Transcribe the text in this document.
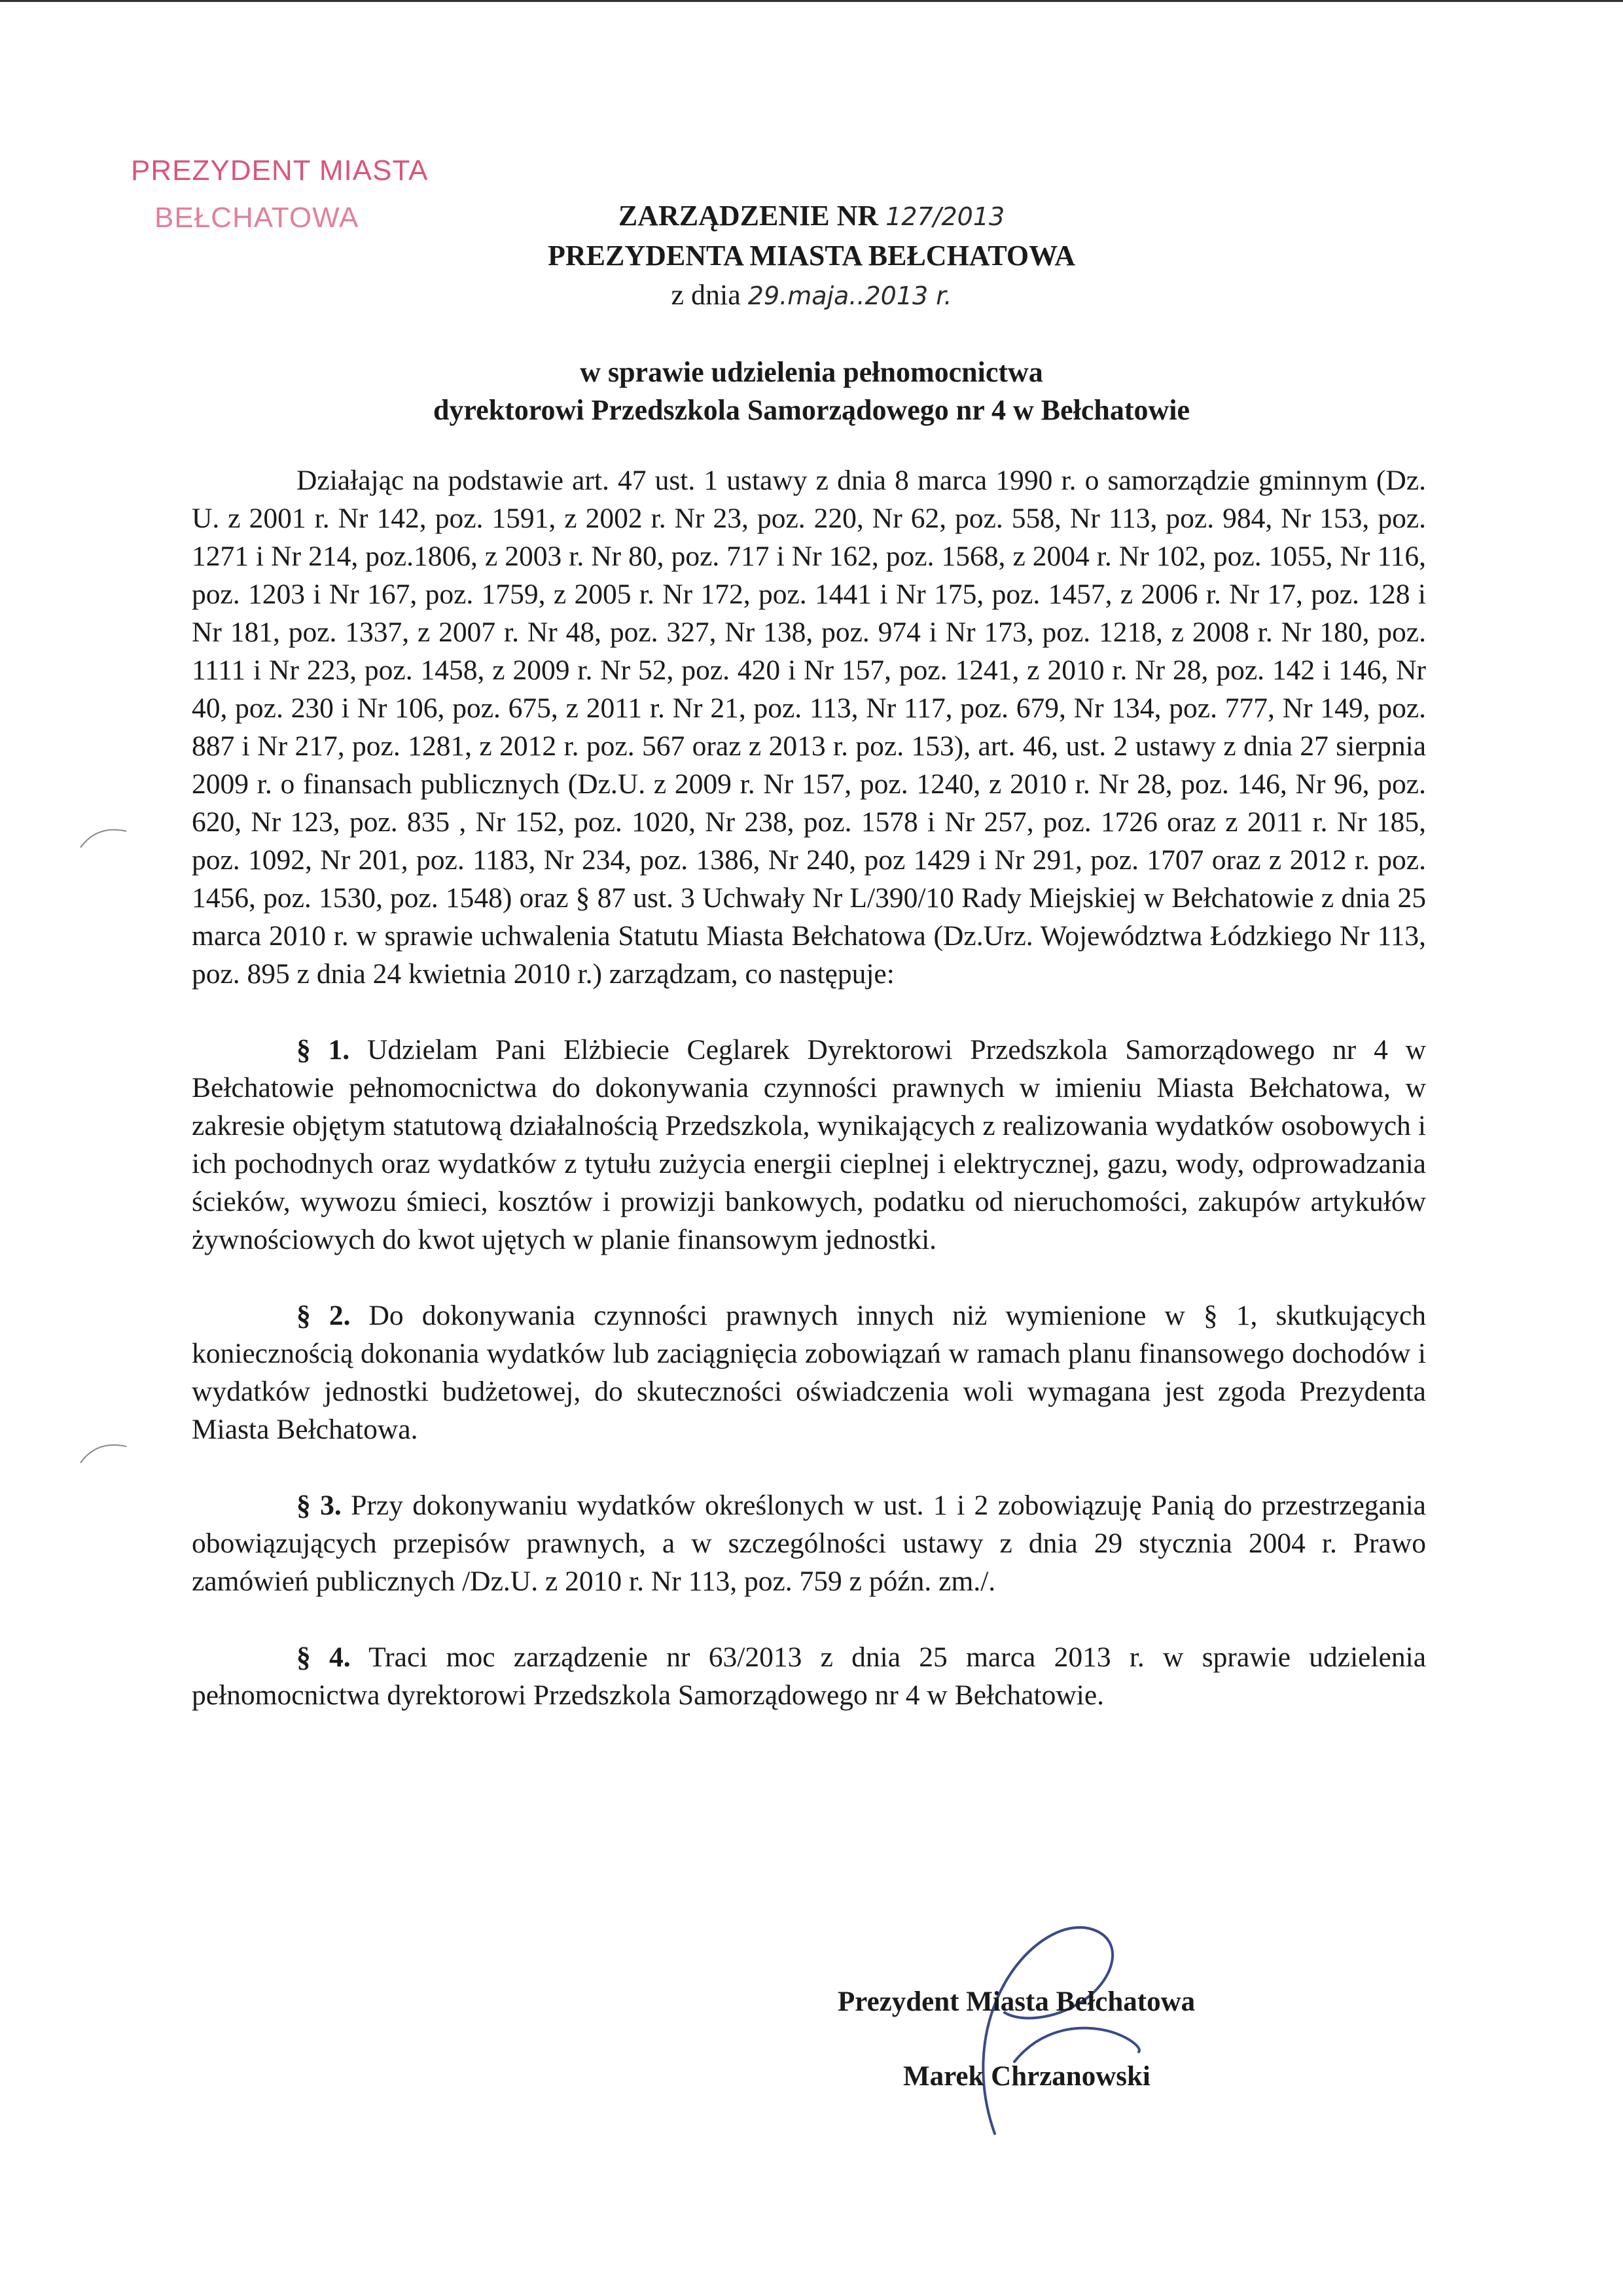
PREZYDENT MIASTA
BEŁCHATOWA	ZARZĄDZENIE NR 127/2013
PREZYDENTA MIASTA BEŁCHATOWA
z dnia 29.maja..2013 r.
w sprawie udzielenia pełnomocnictwa
dyrektorowi Przedszkola Samorządowego nr 4 w Bełchatowie

Działając na podstawie art. 47 ust. 1 ustawy z dnia 8 marca 1990 r. o samorządzie gminnym (Dz. U. z 2001 r. Nr 142, poz. 1591, z 2002 r. Nr 23, poz. 220, Nr 62, poz. 558, Nr 113, poz. 984, Nr 153, poz. 1271 i Nr 214, poz.1806, z 2003 r. Nr 80, poz. 717 i Nr 162, poz. 1568, z 2004 r. Nr 102, poz. 1055, Nr 116, poz. 1203 i Nr 167, poz. 1759, z 2005 r. Nr 172, poz. 1441 i Nr 175, poz. 1457, z 2006 r. Nr 17, poz. 128 i Nr 181, poz. 1337, z 2007 r. Nr 48, poz. 327, Nr 138, poz. 974 i Nr 173, poz. 1218, z 2008 r. Nr 180, poz. 1111 i Nr 223, poz. 1458, z 2009 r. Nr 52, poz. 420 i Nr 157, poz. 1241, z 2010 r. Nr 28, poz. 142 i 146, Nr 40, poz. 230 i Nr 106, poz. 675, z 2011 r. Nr 21, poz. 113, Nr 117, poz. 679, Nr 134, poz. 777, Nr 149, poz. 887 i Nr 217, poz. 1281, z 2012 r. poz. 567 oraz z 2013 r. poz. 153), art. 46, ust. 2 ustawy z dnia 27 sierpnia 2009 r. o finansach publicznych (Dz.U. z 2009 r. Nr 157, poz. 1240, z 2010 r. Nr 28, poz. 146, Nr 96, poz. 620, Nr 123, poz. 835 , Nr 152, poz. 1020, Nr 238, poz. 1578 i Nr 257, poz. 1726 oraz z 2011 r. Nr 185, poz. 1092, Nr 201, poz. 1183, Nr 234, poz. 1386, Nr 240, poz 1429 i Nr 291, poz. 1707 oraz z 2012 r. poz. 1456, poz. 1530, poz. 1548) oraz § 87 ust. 3 Uchwały Nr L/390/10 Rady Miejskiej w Bełchatowie z dnia 25 marca 2010 r. w sprawie uchwalenia Statutu Miasta Bełchatowa (Dz.Urz. Województwa Łódzkiego Nr 113, poz. 895 z dnia 24 kwietnia 2010 r.) zarządzam, co następuje:

§ 1. Udzielam Pani Elżbiecie Ceglarek Dyrektorowi Przedszkola Samorządowego nr 4 w Bełchatowie pełnomocnictwa do dokonywania czynności prawnych w imieniu Miasta Bełchatowa, w zakresie objętym statutową działalnością Przedszkola, wynikających z realizowania wydatków osobowych i ich pochodnych oraz wydatków z tytułu zużycia energii cieplnej i elektrycznej, gazu, wody, odprowadzania ścieków, wywozu śmieci, kosztów i prowizji bankowych, podatku od nieruchomości, zakupów artykułów żywnościowych do kwot ujętych w planie finansowym jednostki.

§ 2. Do dokonywania czynności prawnych innych niż wymienione w § 1, skutkujących koniecznością dokonania wydatków lub zaciągnięcia zobowiązań w ramach planu finansowego dochodów i wydatków jednostki budżetowej, do skuteczności oświadczenia woli wymagana jest zgoda Prezydenta Miasta Bełchatowa.

§ 3. Przy dokonywaniu wydatków określonych w ust. 1 i 2 zobowiązuję Panią do przestrzegania obowiązujących przepisów prawnych, a w szczególności ustawy z dnia 29 stycznia 2004 r. Prawo zamówień publicznych /Dz.U. z 2010 r. Nr 113, poz. 759 z późn. zm./.

§ 4. Traci moc zarządzenie nr 63/2013 z dnia 25 marca 2013 r. w sprawie udzielenia pełnomocnictwa dyrektorowi Przedszkola Samorządowego nr 4 w Bełchatowie.

Prezydent Miasta Bełchatowa
Marek Chrzanowski
